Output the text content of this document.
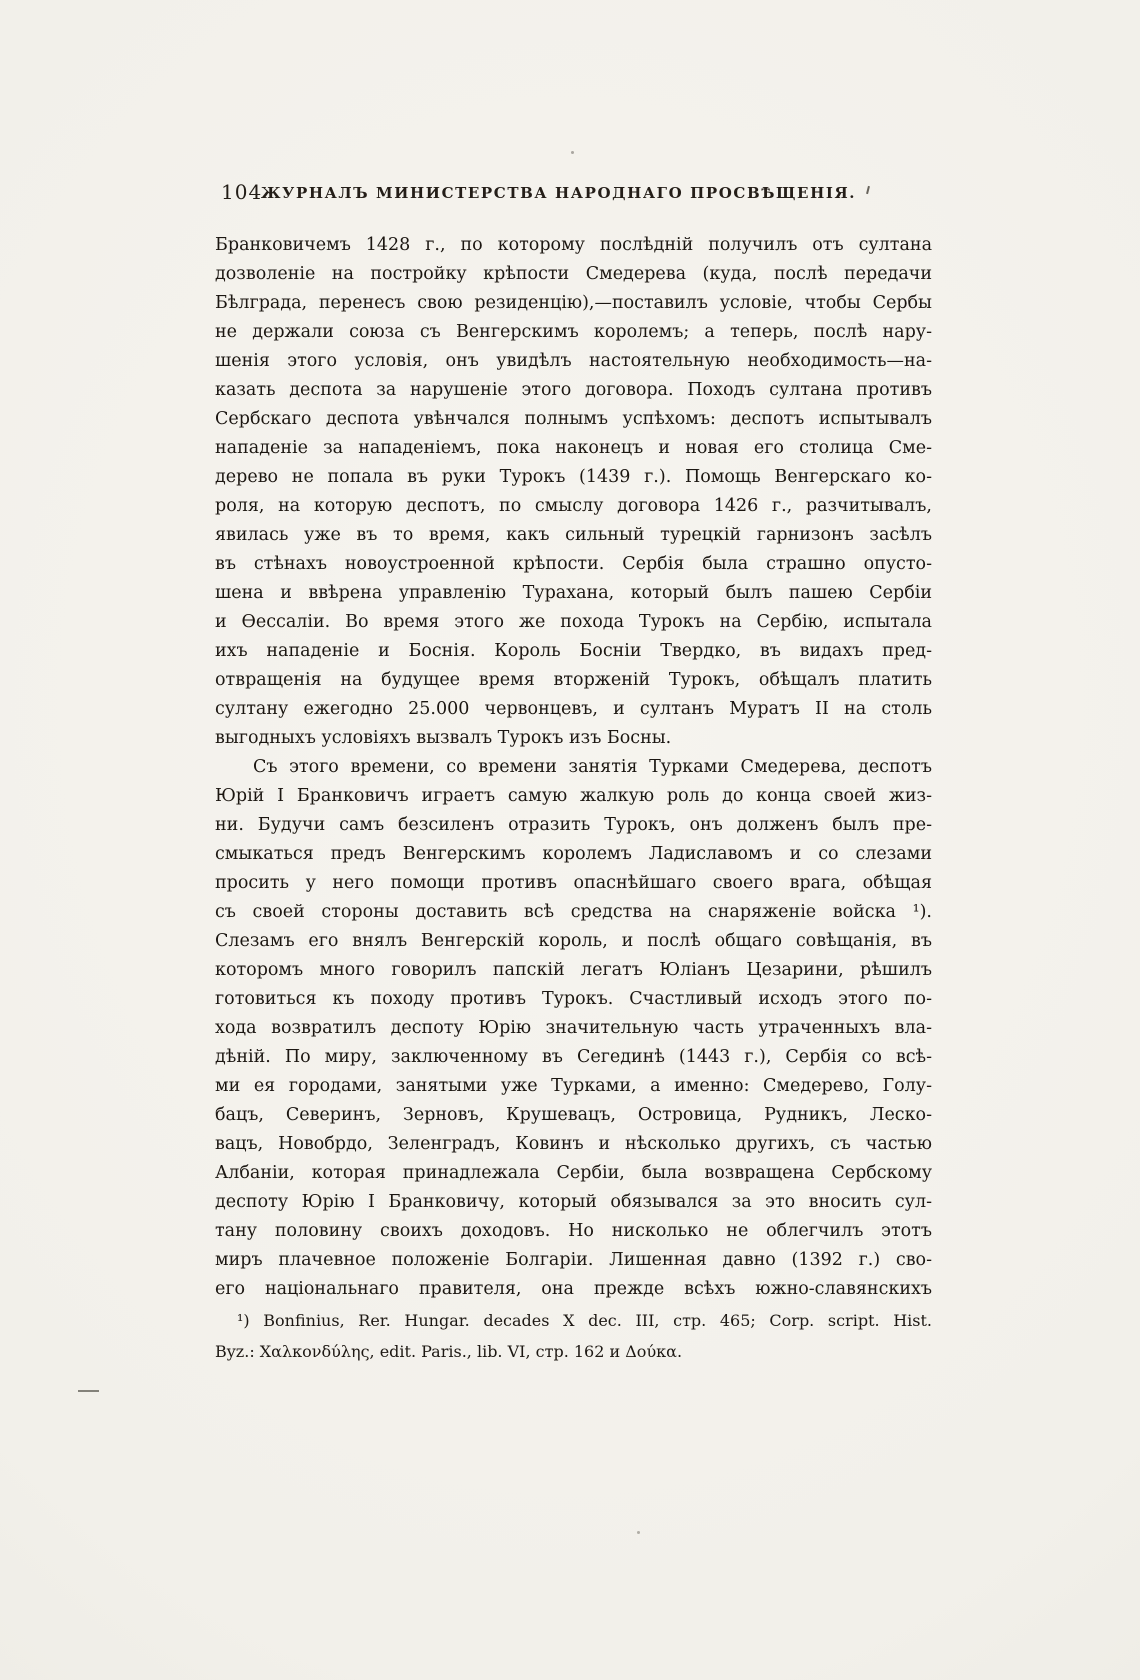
104
ЖУРНАЛЪ МИНИСТЕРСТВА НАРОДНАГО ПРОСВѢЩЕНІЯ.
Бранковичемъ 1428 г., по которому послѣдній получилъ отъ султана
дозволеніе на постройку крѣпости Смедерева (куда, послѣ передачи
Бѣлграда, перенесъ свою резиденцію),—поставилъ условіе, чтобы Сербы
не держали союза съ Венгерскимъ королемъ; а теперь, послѣ нару-
шенія этого условія, онъ увидѣлъ настоятельную необходимость—на-
казать деспота за нарушеніе этого договора. Походъ султана противъ
Сербскаго деспота увѣнчался полнымъ успѣхомъ: деспотъ испытывалъ
нападеніе за нападеніемъ, пока наконецъ и новая его столица Сме-
дерево не попала въ руки Турокъ (1439 г.). Помощь Венгерскаго ко-
роля, на которую деспотъ, по смыслу договора 1426 г., разчитывалъ,
явилась уже въ то время, какъ сильный турецкій гарнизонъ засѣлъ
въ стѣнахъ новоустроенной крѣпости. Сербія была страшно опусто-
шена и ввѣрена управленію Турахана, который былъ пашею Сербіи
и Ѳессаліи. Во время этого же похода Турокъ на Сербію, испытала
ихъ нападеніе и Боснія. Король Босніи Твердко, въ видахъ пред-
отвращенія на будущее время вторженій Турокъ, обѣщалъ платить
султану ежегодно 25.000 червонцевъ, и султанъ Муратъ II на столь
выгодныхъ условіяхъ вызвалъ Турокъ изъ Босны.
Съ этого времени, со времени занятія Турками Смедерева, деспотъ
Юрій I Бранковичъ играетъ самую жалкую роль до конца своей жиз-
ни. Будучи самъ безсиленъ отразить Турокъ, онъ долженъ былъ пре-
смыкаться предъ Венгерскимъ королемъ Ладиславомъ и со слезами
просить у него помощи противъ опаснѣйшаго своего врага, обѣщая
съ своей стороны доставить всѣ средства на снаряженіе войска ¹).
Слезамъ его внялъ Венгерскій король, и послѣ общаго совѣщанія, въ
которомъ много говорилъ папскій легатъ Юліанъ Цезарини, рѣшилъ
готовиться къ походу противъ Турокъ. Счастливый исходъ этого по-
хода возвратилъ деспоту Юрію значительную часть утраченныхъ вла-
дѣній. По миру, заключенному въ Сегединѣ (1443 г.), Сербія со всѣ-
ми ея городами, занятыми уже Турками, а именно: Смедерево, Голу-
бацъ, Северинъ, Зерновъ, Крушевацъ, Островица, Рудникъ, Леско-
вацъ, Новобрдо, Зеленградъ, Ковинъ и нѣсколько другихъ, съ частью
Албаніи, которая принадлежала Сербіи, была возвращена Сербскому
деспоту Юрію I Бранковичу, который обязывался за это вносить сул-
тану половину своихъ доходовъ. Но нисколько не облегчилъ этотъ
миръ плачевное положеніе Болгаріи. Лишенная давно (1392 г.) сво-
его національнаго правителя, она прежде всѣхъ южно-славянскихъ
¹) Bonfinius, Rer. Hungar. decades X dec. III, стр. 465; Corp. script. Hist.
Byz.: Χαλκονδύλης, edit. Paris., lib. VI, стр. 162 и Δούκα.
